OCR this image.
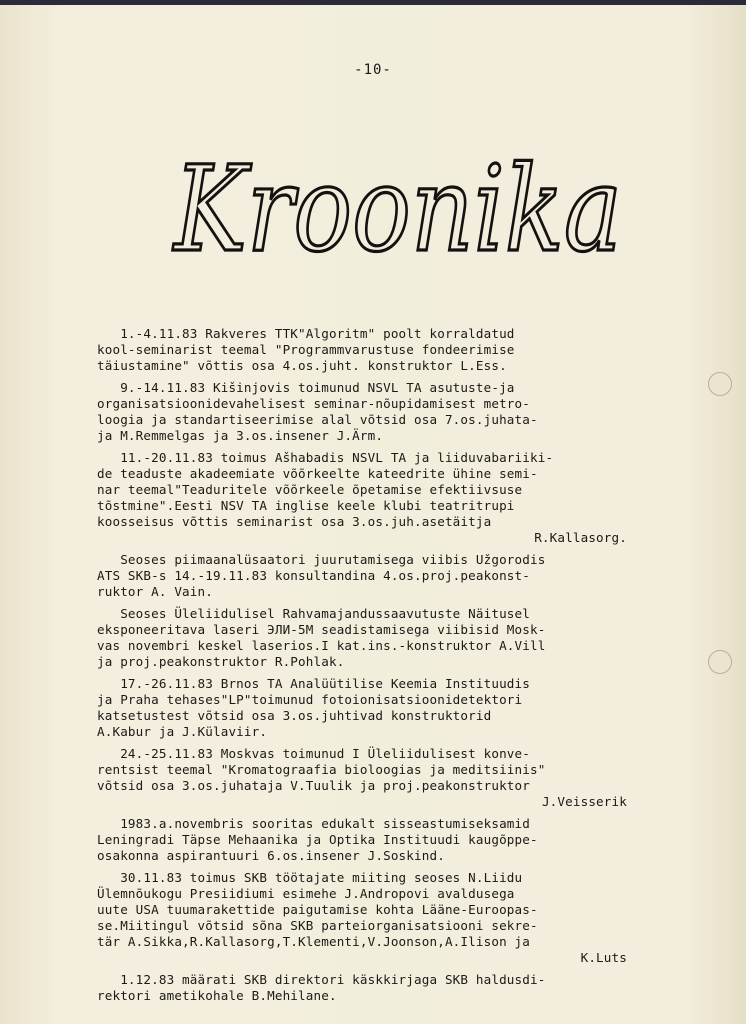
-10-
Kroonika
1.-4.11.83 Rakveres TTK"Algoritm" poolt korraldatud
kool-seminarist teemal "Programmvarustuse fondeerimise
täiustamine" võttis osa 4.os.juht. konstruktor L.Ess.
9.-14.11.83 Kišinjovis toimunud NSVL TA asutuste-ja
organisatsioonidevahelisest seminar-nõupidamisest metro-
loogia ja standartiseerimise alal võtsid osa 7.os.juhata-
ja M.Remmelgas ja 3.os.insener J.Ärm.
11.-20.11.83 toimus Ašhabadis NSVL TA ja liiduvabariiki-
de teaduste akadeemiate võõrkeelte kateedrite ühine semi-
nar teemal"Teaduritele võõrkeele õpetamise efektiivsuse
tõstmine".Eesti NSV TA inglise keele klubi teatritrupi
koosseisus võttis seminarist osa 3.os.juh.asetäitja
R.Kallasorg.
Seoses piimaanalüsaatori juurutamisega viibis Užgorodis
ATS SKB-s 14.-19.11.83 konsultandina 4.os.proj.peakonst-
ruktor A. Vain.
Seoses Üleliidulisel Rahvamajandussaavutuste Näitusel
eksponeeritava laseri ЭЛИ-5М seadistamisega viibisid Mosk-
vas novembri keskel laserios.I kat.ins.-konstruktor A.Vill
ja proj.peakonstruktor R.Pohlak.
17.-26.11.83 Brnos TA Analüütilise Keemia Instituudis
ja Praha tehases"LP"toimunud fotoionisatsioonidetektori
katsetustest võtsid osa 3.os.juhtivad konstruktorid
A.Kabur ja J.Külaviir.
24.-25.11.83 Moskvas toimunud I Üleliidulisest konve-
rentsist teemal "Kromatograafia bioloogias ja meditsiinis"
võtsid osa 3.os.juhataja V.Tuulik ja proj.peakonstruktor
J.Veisserik
1983.a.novembris sooritas edukalt sisseastumiseksamid
Leningradi Täpse Mehaanika ja Optika Instituudi kaugõppe-
osakonna aspirantuuri 6.os.insener J.Soskind.
30.11.83 toimus SKB töötajate miiting seoses N.Liidu
Ülemnõukogu Presiidiumi esimehe J.Andropovi avaldusega
uute USA tuumarakettide paigutamise kohta Lääne-Euroopas-
se.Miitingul võtsid sõna SKB parteiorganisatsiooni sekre-
tär A.Sikka,R.Kallasorg,T.Klementi,V.Joonson,A.Ilison ja
K.Luts
1.12.83 määrati SKB direktori käskkirjaga SKB haldusdi-
rektori ametikohale B.Mehilane.
